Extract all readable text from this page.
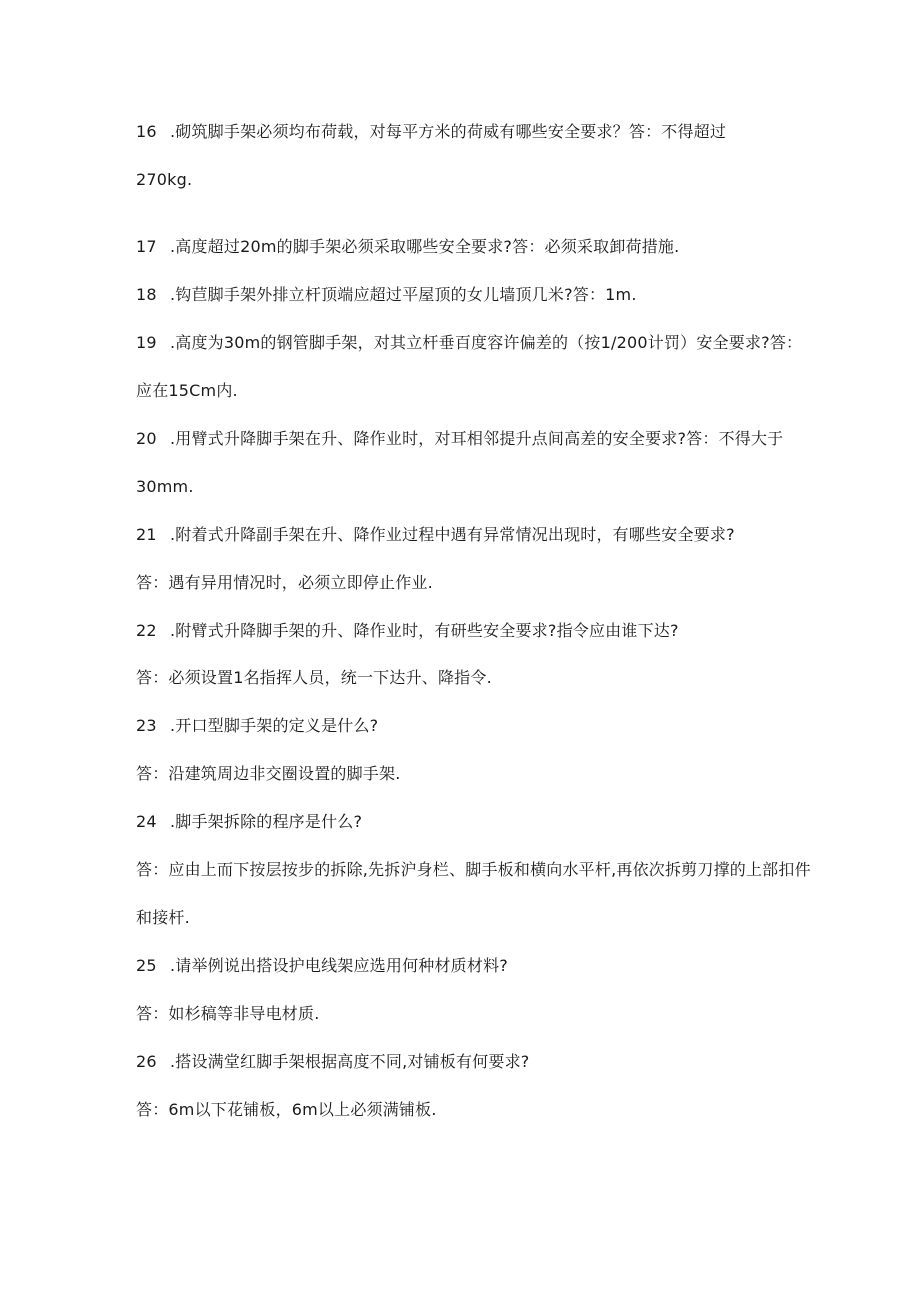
16 .砌筑脚手架必须均布荷载，对每平方米的荷威有哪些安全要求？答：不得超过
270kg.
17 .高度超过20m的脚手架必须采取哪些安全要求?答：必须采取卸荷措施.
18 .钩苣脚手架外排立杆顶端应超过平屋顶的女儿墙顶几米?答：1m.
19 .高度为30m的钢管脚手架，对其立杆垂百度容许偏差的（按1/200计罚）安全要求?答：
应在15Cm内.
20 .用臂式升降脚手架在升、降作业时，对耳相邻提升点间高差的安全要求?答：不得大于
30mm.
21 .附着式升降副手架在升、降作业过程中遇有异常情况出现时，有哪些安全要求?
答：遇有异用情况时，必须立即停止作业.
22 .附臂式升降脚手架的升、降作业时，有研些安全要求?指令应由谁下达?
答：必须设置1名指挥人员，统一下达升、降指令.
23 .开口型脚手架的定义是什么?
答：沿建筑周边非交圈设置的脚手架.
24 .脚手架拆除的程序是什么?
答：应由上而下按层按步的拆除,先拆沪身栏、脚手板和横向水平杆,再依次拆剪刀撑的上部扣件
和接杆.
25 .请举例说出搭设护电线架应选用何种材质材料?
答：如杉稿等非导电材质.
26 .搭设满堂红脚手架根据高度不同,对铺板有何要求?
答：6m以下花铺板，6m以上必须满铺板.
